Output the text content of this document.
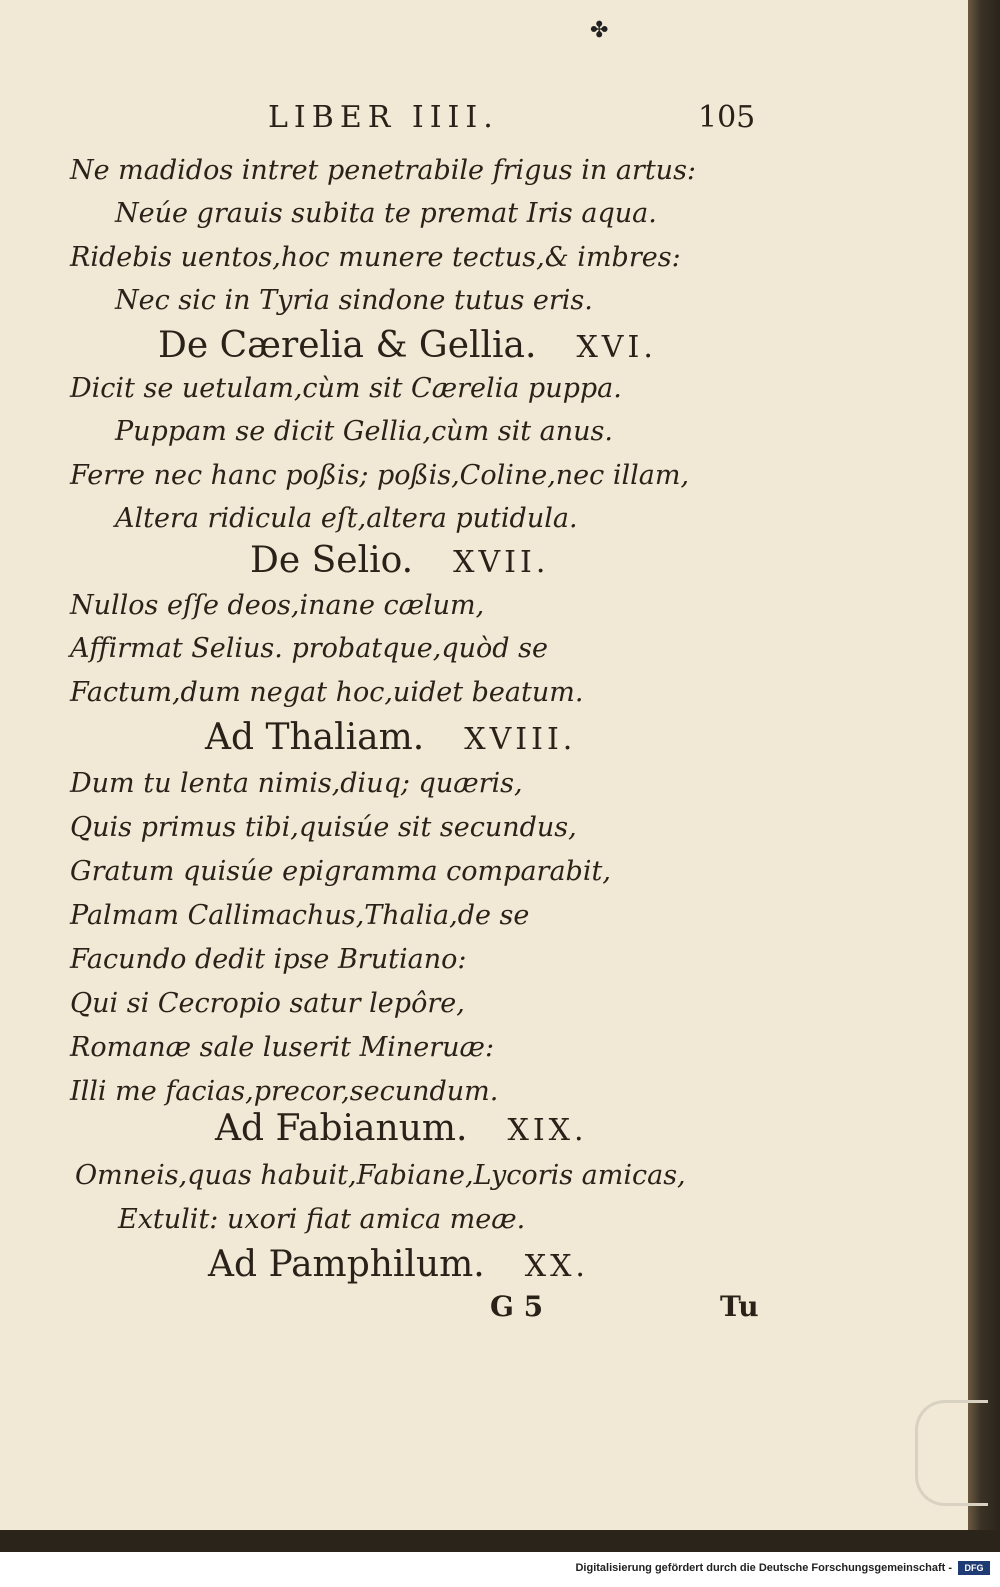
✤
LIBER IIII.	105
Ne madidos intret penetrabile frigus in artus:
Neúe grauis subita te premat Iris aqua.
Ridebis uentos,hoc munere tectus,& imbres:
Nec sic in Tyria sindone tutus eris.
De Cærelia & Gellia. XVI.
Dicit se uetulam,cùm sit Cærelia puppa.
Puppam se dicit Gellia,cùm sit anus.
Ferre nec hanc poßis; poßis,Coline,nec illam,
Altera ridicula eſt,altera putidula.
De Selio. XVII.
Nullos eſſe deos,inane cælum,
Affirmat Selius. probatque,quòd se
Factum,dum negat hoc,uidet beatum.
Ad Thaliam. XVIII.
Dum tu lenta nimis,diuq; quæris,
Quis primus tibi,quisúe sit secundus,
Gratum quisúe epigramma comparabit,
Palmam Callimachus,Thalia,de se
Facundo dedit ipse Brutiano:
Qui si Cecropio satur lepôre,
Romanæ sale luserit Mineruæ:
Illi me facias,precor,secundum.
Ad Fabianum. XIX.
Omneis,quas habuit,Fabiane,Lycoris amicas,
Extulit: uxori fiat amica meæ.
Ad Pamphilum. XX.
G 5	Tu
Digitalisierung gefördert durch die Deutsche Forschungsgemeinschaft -	DFG
